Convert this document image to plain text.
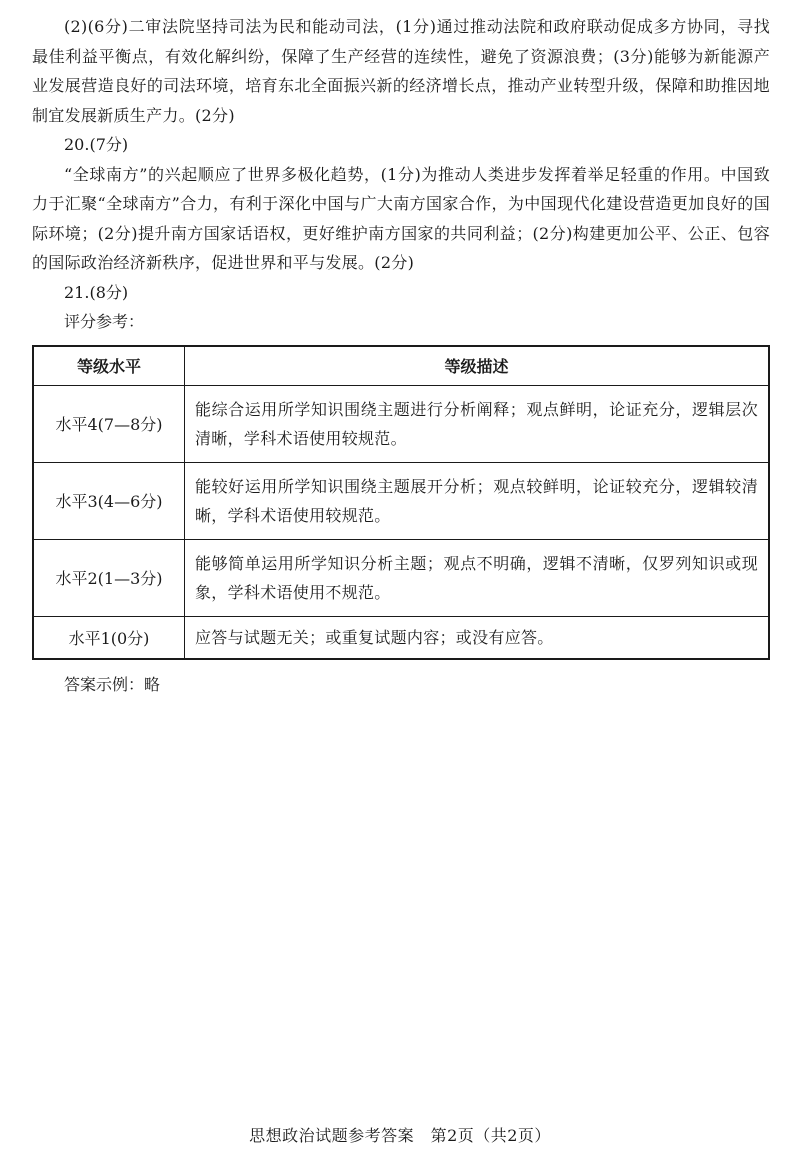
(2)(6分)二审法院坚持司法为民和能动司法，(1分)通过推动法院和政府联动促成多方协同，寻找最佳利益平衡点，有效化解纠纷，保障了生产经营的连续性，避免了资源浪费；(3分)能够为新能源产业发展营造良好的司法环境，培育东北全面振兴新的经济增长点，推动产业转型升级，保障和助推因地制宜发展新质生产力。(2分)

20.(7分)

“全球南方”的兴起顺应了世界多极化趋势，(1分)为推动人类进步发挥着举足轻重的作用。中国致力于汇聚“全球南方”合力，有利于深化中国与广大南方国家合作，为中国现代化建设营造更加良好的国际环境；(2分)提升南方国家话语权，更好维护南方国家的共同利益；(2分)构建更加公平、公正、包容的国际政治经济新秩序，促进世界和平与发展。(2分)

21.(8分)

评分参考：

等级水平	等级描述
水平4(7—8分)	能综合运用所学知识围绕主题进行分析阐释；观点鲜明，论证充分，逻辑层次清晰，学科术语使用较规范。
水平3(4—6分)	能较好运用所学知识围绕主题展开分析；观点较鲜明，论证较充分，逻辑较清晰，学科术语使用较规范。
水平2(1—3分)	能够简单运用所学知识分析主题；观点不明确，逻辑不清晰，仅罗列知识或现象，学科术语使用不规范。
水平1(0分)	应答与试题无关；或重复试题内容；或没有应答。

答案示例：略

思想政治试题参考答案　第2页（共2页）
